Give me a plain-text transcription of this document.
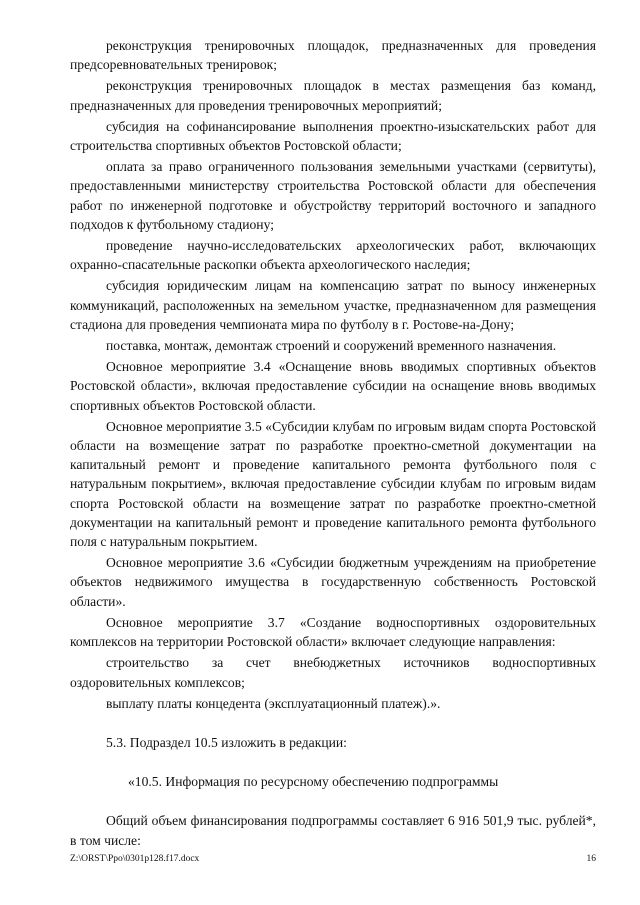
реконструкция тренировочных площадок, предназначенных для проведения предсоревновательных тренировок;

реконструкция тренировочных площадок в местах размещения баз команд, предназначенных для проведения тренировочных мероприятий;

субсидия на софинансирование выполнения проектно-изыскательских работ для строительства спортивных объектов Ростовской области;

оплата за право ограниченного пользования земельными участками (сервитуты), предоставленными министерству строительства Ростовской области для обеспечения работ по инженерной подготовке и обустройству территорий восточного и западного подходов к футбольному стадиону;

проведение научно-исследовательских археологических работ, включающих охранно-спасательные раскопки объекта археологического наследия;

субсидия юридическим лицам на компенсацию затрат по выносу инженерных коммуникаций, расположенных на земельном участке, предназначенном для размещения стадиона для проведения чемпионата мира по футболу в г. Ростове-на-Дону;

поставка, монтаж, демонтаж строений и сооружений временного назначения.

Основное мероприятие 3.4 «Оснащение вновь вводимых спортивных объектов Ростовской области», включая предоставление субсидии на оснащение вновь вводимых спортивных объектов Ростовской области.

Основное мероприятие 3.5 «Субсидии клубам по игровым видам спорта Ростовской области на возмещение затрат по разработке проектно-сметной документации на капитальный ремонт и проведение капитального ремонта футбольного поля с натуральным покрытием», включая предоставление субсидии клубам по игровым видам спорта Ростовской области на возмещение затрат по разработке проектно-сметной документации на капитальный ремонт и проведение капитального ремонта футбольного поля с натуральным покрытием.

Основное мероприятие 3.6 «Субсидии бюджетным учреждениям на приобретение объектов недвижимого имущества в государственную собственность Ростовской области».

Основное мероприятие 3.7 «Создание водноспортивных оздоровительных комплексов на территории Ростовской области» включает следующие направления:

строительство за счет внебюджетных источников водноспортивных оздоровительных комплексов;

выплату платы концедента (эксплуатационный платеж).».

5.3. Подраздел 10.5 изложить в редакции:

«10.5. Информация по ресурсному обеспечению подпрограммы

Общий объем финансирования подпрограммы составляет 6 916 501,9 тыс. рублей*, в том числе:

Z:\ORST\Ppo\0301p128.f17.docx	16
